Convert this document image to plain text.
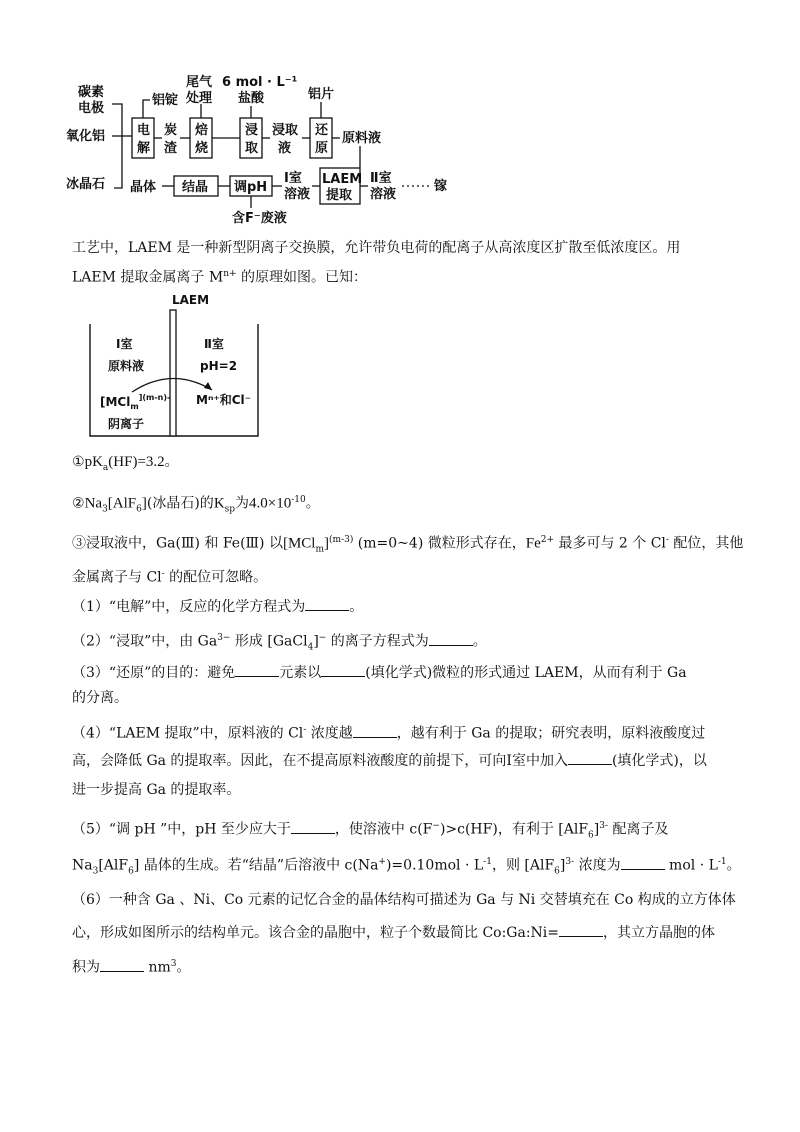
碳素
电极
氧化铝
冰晶石
电
解
铝锭
炭
渣
焙
烧
尾气
处理
6 mol · L⁻¹
盐酸
浸
取
浸取
液
还
原
铝片
原料液
LAEM
提取
Ⅱ室
溶液
镓
Ⅰ室
溶液
调pH
含F⁻废液
结晶
晶体
工艺中，LAEM 是一种新型阴离子交换膜，允许带负电荷的配离子从高浓度区扩散至低浓度区。用
LAEM 提取金属离子 $M^{n+}$ 的原理如图。已知：
LAEM
Ⅰ室
原料液
[MCl$_m^{](m-n)-}$
阴离子
Ⅱ室
pH=2
Mⁿ⁺和Cl⁻
$①pK_a(HF)=3.2$。
$②Na_3[AlF_6]$(冰晶石)的$K_{sp}$为$4.0\times 10^{-10}$。
③浸取液中，Ga(Ⅲ) 和 Fe(Ⅲ) 以$[MCl_m]^{(m-3)}$ (m=0~4) 微粒形式存在，$Fe^{2+}$ 最多可与 2 个 Cl- 配位，其他
金属离子与 Cl- 的配位可忽略。
（1）“电解”中，反应的化学方程式为	。
（2）“浸取”中，由 $Ga^{3-}$ 形成 [GaCl$_4$]− 的离子方程式为	。
（3）“还原”的目的：避免	元素以	(填化学式)微粒的形式通过 LAEM，从而有利于 Ga
的分离。
（4）“LAEM 提取”中，原料液的 Cl- 浓度越	，越有利于 Ga 的提取；研究表明，原料液酸度过
高，会降低 Ga 的提取率。因此，在不提高原料液酸度的前提下，可向Ⅰ室中加入	(填化学式)，以
进一步提高 Ga 的提取率。
（5）“调 pH ”中，pH 至少应大于	，使溶液中 c(F−)>c(HF)，有利于 $[AlF_6]^{3-}$ 配离子及
$Na_3[AlF_6]$ 晶体的生成。若“结晶”后溶液中 $c(Na^+)=0.10mol \cdot L^{-1}$，则 $[AlF_6]^{3-}$ 浓度为	mol · $L^{-1}$。
（6）一种含 Ga 、Ni、Co 元素的记忆合金的晶体结构可描述为 Ga 与 Ni 交替填充在 Co 构成的立方体体
心，形成如图所示的结构单元。该合金的晶胞中，粒子个数最简比 Co:Ga:Ni=	，其立方晶胞的体
积为	$nm^3$。
